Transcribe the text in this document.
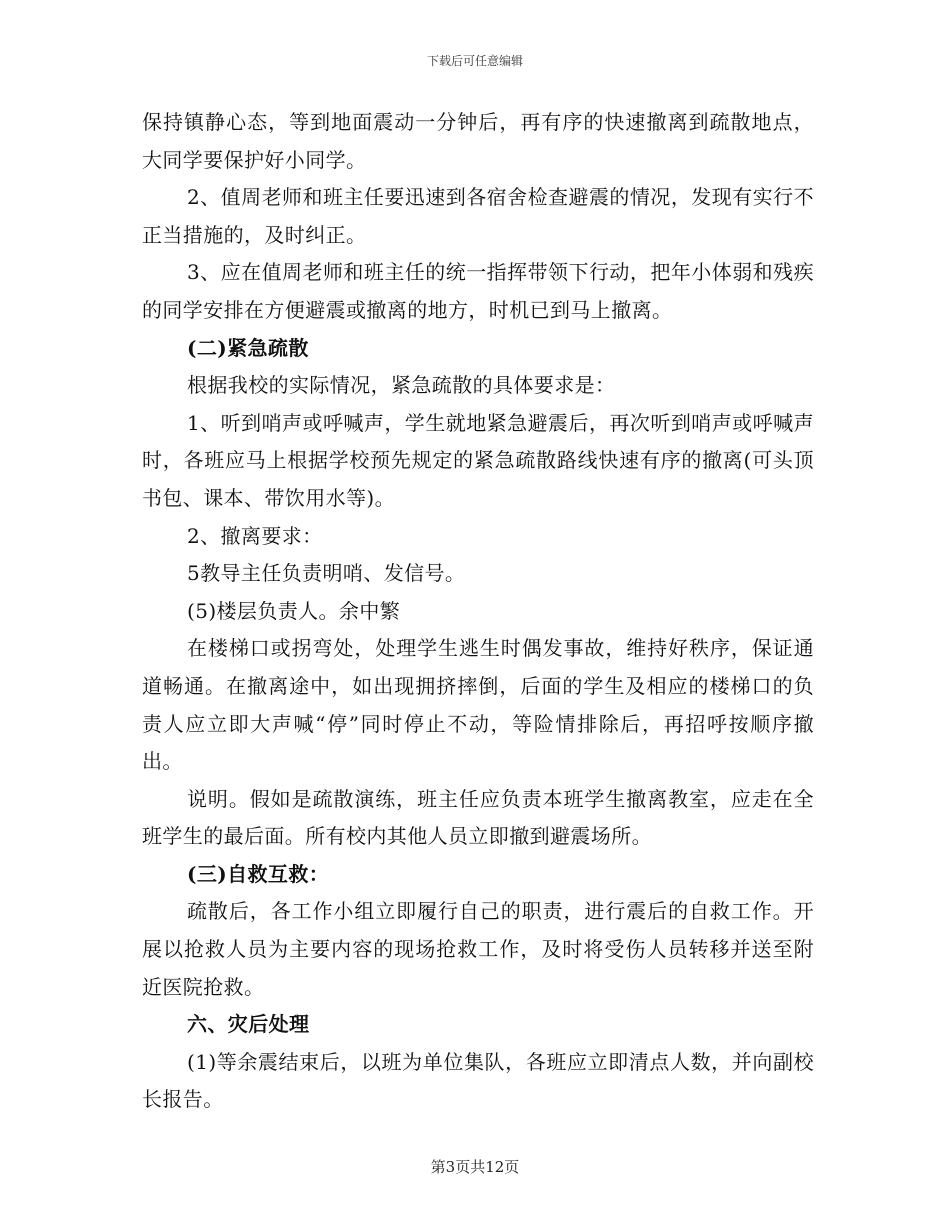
下载后可任意编辑

保持镇静心态，等到地面震动一分钟后，再有序的快速撤离到疏散地点，大同学要保护好小同学。

2、值周老师和班主任要迅速到各宿舍检查避震的情况，发现有实行不正当措施的，及时纠正。

3、应在值周老师和班主任的统一指挥带领下行动，把年小体弱和残疾的同学安排在方便避震或撤离的地方，时机已到马上撤离。

(二)紧急疏散

根据我校的实际情况，紧急疏散的具体要求是：

1、听到哨声或呼喊声，学生就地紧急避震后，再次听到哨声或呼喊声时，各班应马上根据学校预先规定的紧急疏散路线快速有序的撤离(可头顶书包、课本、带饮用水等)。

2、撤离要求：

5教导主任负责明哨、发信号。

(5)楼层负责人。余中繁

在楼梯口或拐弯处，处理学生逃生时偶发事故，维持好秩序，保证通道畅通。在撤离途中，如出现拥挤摔倒，后面的学生及相应的楼梯口的负责人应立即大声喊“停”同时停止不动，等险情排除后，再招呼按顺序撤出。

说明。假如是疏散演练，班主任应负责本班学生撤离教室，应走在全班学生的最后面。所有校内其他人员立即撤到避震场所。

(三)自救互救：

疏散后，各工作小组立即履行自己的职责，进行震后的自救工作。开展以抢救人员为主要内容的现场抢救工作，及时将受伤人员转移并送至附近医院抢救。

六、灾后处理

(1)等余震结束后，以班为单位集队，各班应立即清点人数，并向副校长报告。

第3页共12页
